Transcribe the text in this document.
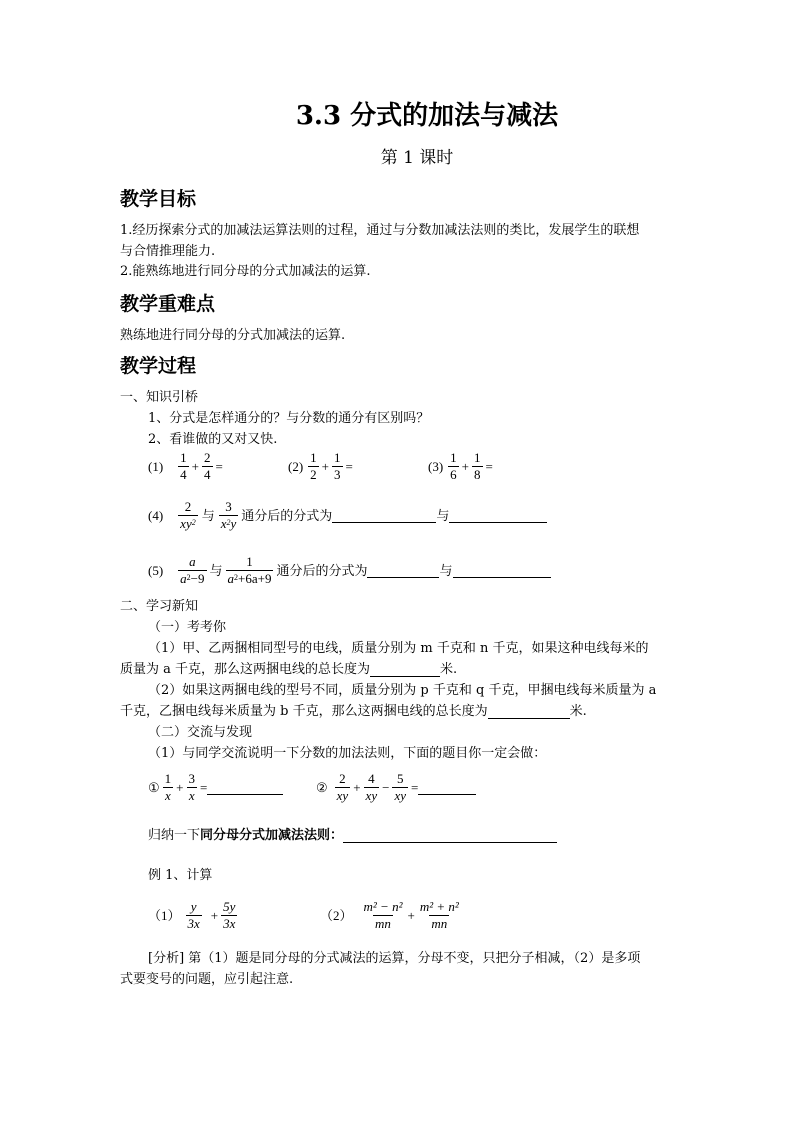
3.3 分式的加法与减法
第 1 课时
教学目标
1.经历探索分式的加减法运算法则的过程，通过与分数加减法法则的类比，发展学生的联想
与合情推理能力.
2.能熟练地进行同分母的分式加减法的运算.
教学重难点
熟练地进行同分母的分式加减法的运算.
教学过程
一、知识引桥
1、分式是怎样通分的？与分数的通分有区别吗？
2、看谁做的又对又快.
$(1) \frac{1}{4} + \frac{2}{4}$ =	$(2) \frac{1}{2} + \frac{1}{3}$ =	$(3) \frac{1}{6} + \frac{1}{8}$ =
$(4) \frac{2}{xy^2}$ 与 $\frac{3}{x^2y}$ 通分后的分式为	与
$(5) \frac{a}{a^2-9}$ 与 $\frac{1}{a^2+6a+9}$ 通分后的分式为	与
二、学习新知
（一）考考你
（1）甲、乙两捆相同型号的电线，质量分别为 m 千克和 n 千克，如果这种电线每米的
质量为 a 千克，那么这两捆电线的总长度为	米.
（2）如果这两捆电线的型号不同，质量分别为 p 千克和 q 千克，甲捆电线每米质量为 a
千克，乙捆电线每米质量为 b 千克，那么这两捆电线的总长度为	米.
（二）交流与发现
（1）与同学交流说明一下分数的加法法则，下面的题目你一定会做：
① $\frac{1}{x} + \frac{3}{x}$ =	② $\frac{2}{xy} + \frac{4}{xy} - \frac{5}{xy}$ =
归纳一下 同分母分式加减法法则：
例 1、计算
$(1) \frac{y}{3x} + \frac{5y}{3x}$	$(2) \frac{\text{m² − n²}}{mn} + \frac{\text{m² + n²}}{mn}$
[分析] 第（1）题是同分母的分式减法的运算，分母不变，只把分子相减，（2）是多项
式要变号的问题，应引起注意.
